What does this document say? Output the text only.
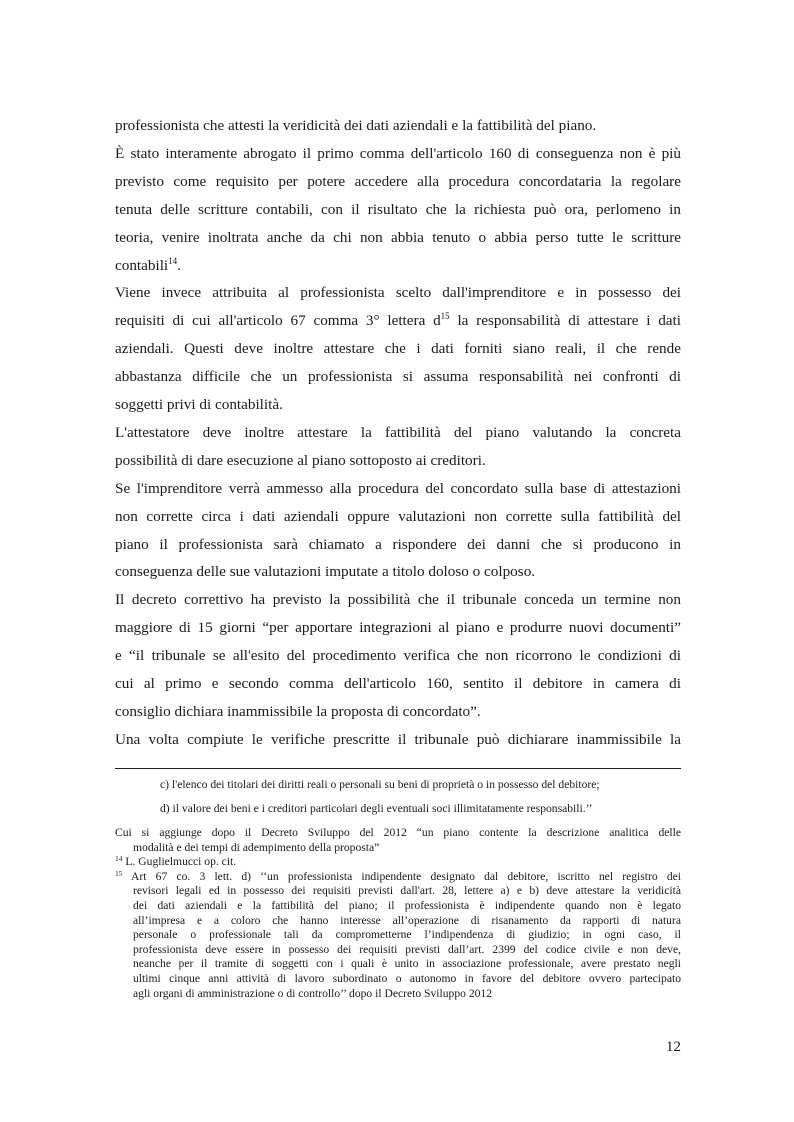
professionista che attesti la veridicità dei dati aziendali e la fattibilità del piano.
È stato interamente abrogato il primo comma dell'articolo 160 di conseguenza non è più
previsto come requisito per potere accedere alla procedura concordataria la regolare
tenuta delle scritture contabili, con il risultato che la richiesta può ora, perlomeno in
teoria, venire inoltrata anche da chi non abbia tenuto o abbia perso tutte le scritture
contabili$^{14}$.
Viene invece attribuita al professionista scelto dall'imprenditore e in possesso dei
requisiti di cui all'articolo 67 comma 3° lettera $d^{15}$ la responsabilità di attestare i dati
aziendali. Questi deve inoltre attestare che i dati forniti siano reali, il che rende
abbastanza difficile che un professionista si assuma responsabilità nei confronti di
soggetti privi di contabilità.
L'attestatore deve inoltre attestare la fattibilità del piano valutando la concreta
possibilità di dare esecuzione al piano sottoposto ai creditori.
Se l'imprenditore verrà ammesso alla procedura del concordato sulla base di attestazioni
non corrette circa i dati aziendali oppure valutazioni non corrette sulla fattibilità del
piano il professionista sarà chiamato a rispondere dei danni che si producono in
conseguenza delle sue valutazioni imputate a titolo doloso o colposo.
Il decreto correttivo ha previsto la possibilità che il tribunale conceda un termine non
maggiore di 15 giorni “per apportare integrazioni al piano e produrre nuovi documenti”
e “il tribunale se all'esito del procedimento verifica che non ricorrono le condizioni di
cui al primo e secondo comma dell'articolo 160, sentito il debitore in camera di
consiglio dichiara inammissibile la proposta di concordato”.
Una volta compiute le verifiche prescritte il tribunale può dichiarare inammissibile la
c) l'elenco dei titolari dei diritti reali o personali su beni di proprietà o in possesso del debitore;
d) il valore dei beni e i creditori particolari degli eventuali soci illimitatamente responsabili.’’
Cui si aggiunge dopo il Decreto Sviluppo del 2012 “un piano contente la descrizione analitica delle
modalità e dei tempi di adempimento della proposta”
$^{14}$ L. Guglielmucci op. cit.
$^{15}$ Art 67 co. 3 lett. d) ‘‘un professionista indipendente designato dal debitore, iscritto nel registro dei
revisori legali ed in possesso dei requisiti previsti dall'art. 28, lettere a) e b) deve attestare la veridicità
dei dati aziendali e la fattibilità del piano; il professionista è indipendente quando non è legato
all’impresa e a coloro che hanno interesse all’operazione di risanamento da rapporti di natura
personale o professionale tali da comprometterne l’indipendenza di giudizio; in ogni caso, il
professionista deve essere in possesso dei requisiti previsti dall’art. 2399 del codice civile e non deve,
neanche per il tramite di soggetti con i quali è unito in associazione professionale, avere prestato negli
ultimi cinque anni attività di lavoro subordinato o autonomo in favore del debitore ovvero partecipato
agli organi di amministrazione o di controllo’’ dopo il Decreto Sviluppo 2012
12
